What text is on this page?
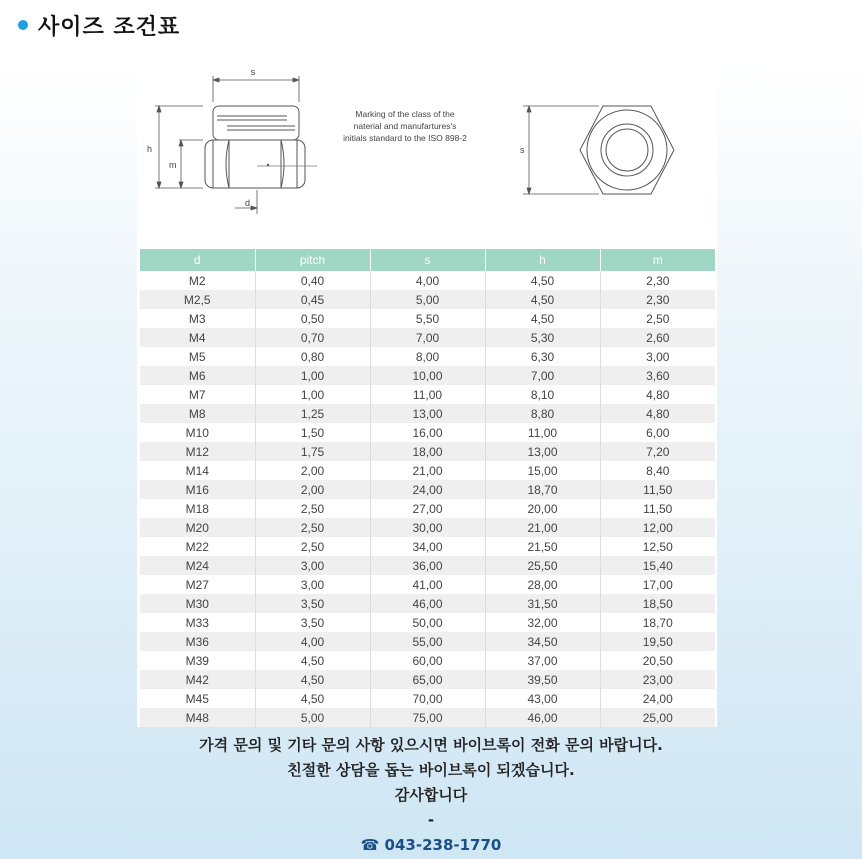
사이즈 조건표
s
h
m
d
Marking of the class of the
naterial and manufartures's
initials standard to the ISO 898-2
s
d	pitch	s	h	m
M2	0,40	4,00	4,50	2,30
M2,5	0,45	5,00	4,50	2,30
M3	0,50	5,50	4,50	2,50
M4	0,70	7,00	5,30	2,60
M5	0,80	8,00	6,30	3,00
M6	1,00	10,00	7,00	3,60
M7	1,00	11,00	8,10	4,80
M8	1,25	13,00	8,80	4,80
M10	1,50	16,00	11,00	6,00
M12	1,75	18,00	13,00	7,20
M14	2,00	21,00	15,00	8,40
M16	2,00	24,00	18,70	11,50
M18	2,50	27,00	20,00	11,50
M20	2,50	30,00	21,00	12,00
M22	2,50	34,00	21,50	12,50
M24	3,00	36,00	25,50	15,40
M27	3,00	41,00	28,00	17,00
M30	3,50	46,00	31,50	18,50
M33	3,50	50,00	32,00	18,70
M36	4,00	55,00	34,50	19,50
M39	4,50	60,00	37,00	20,50
M42	4,50	65,00	39,50	23,00
M45	4,50	70,00	43,00	24,00
M48	5,00	75,00	46,00	25,00
가격 문의 및 기타 문의 사항 있으시면 바이브록이 전화 문의 바랍니다.
친절한 상담을 돕는 바이브록이 되겠습니다.
감사합니다
-
☎ 043-238-1770
